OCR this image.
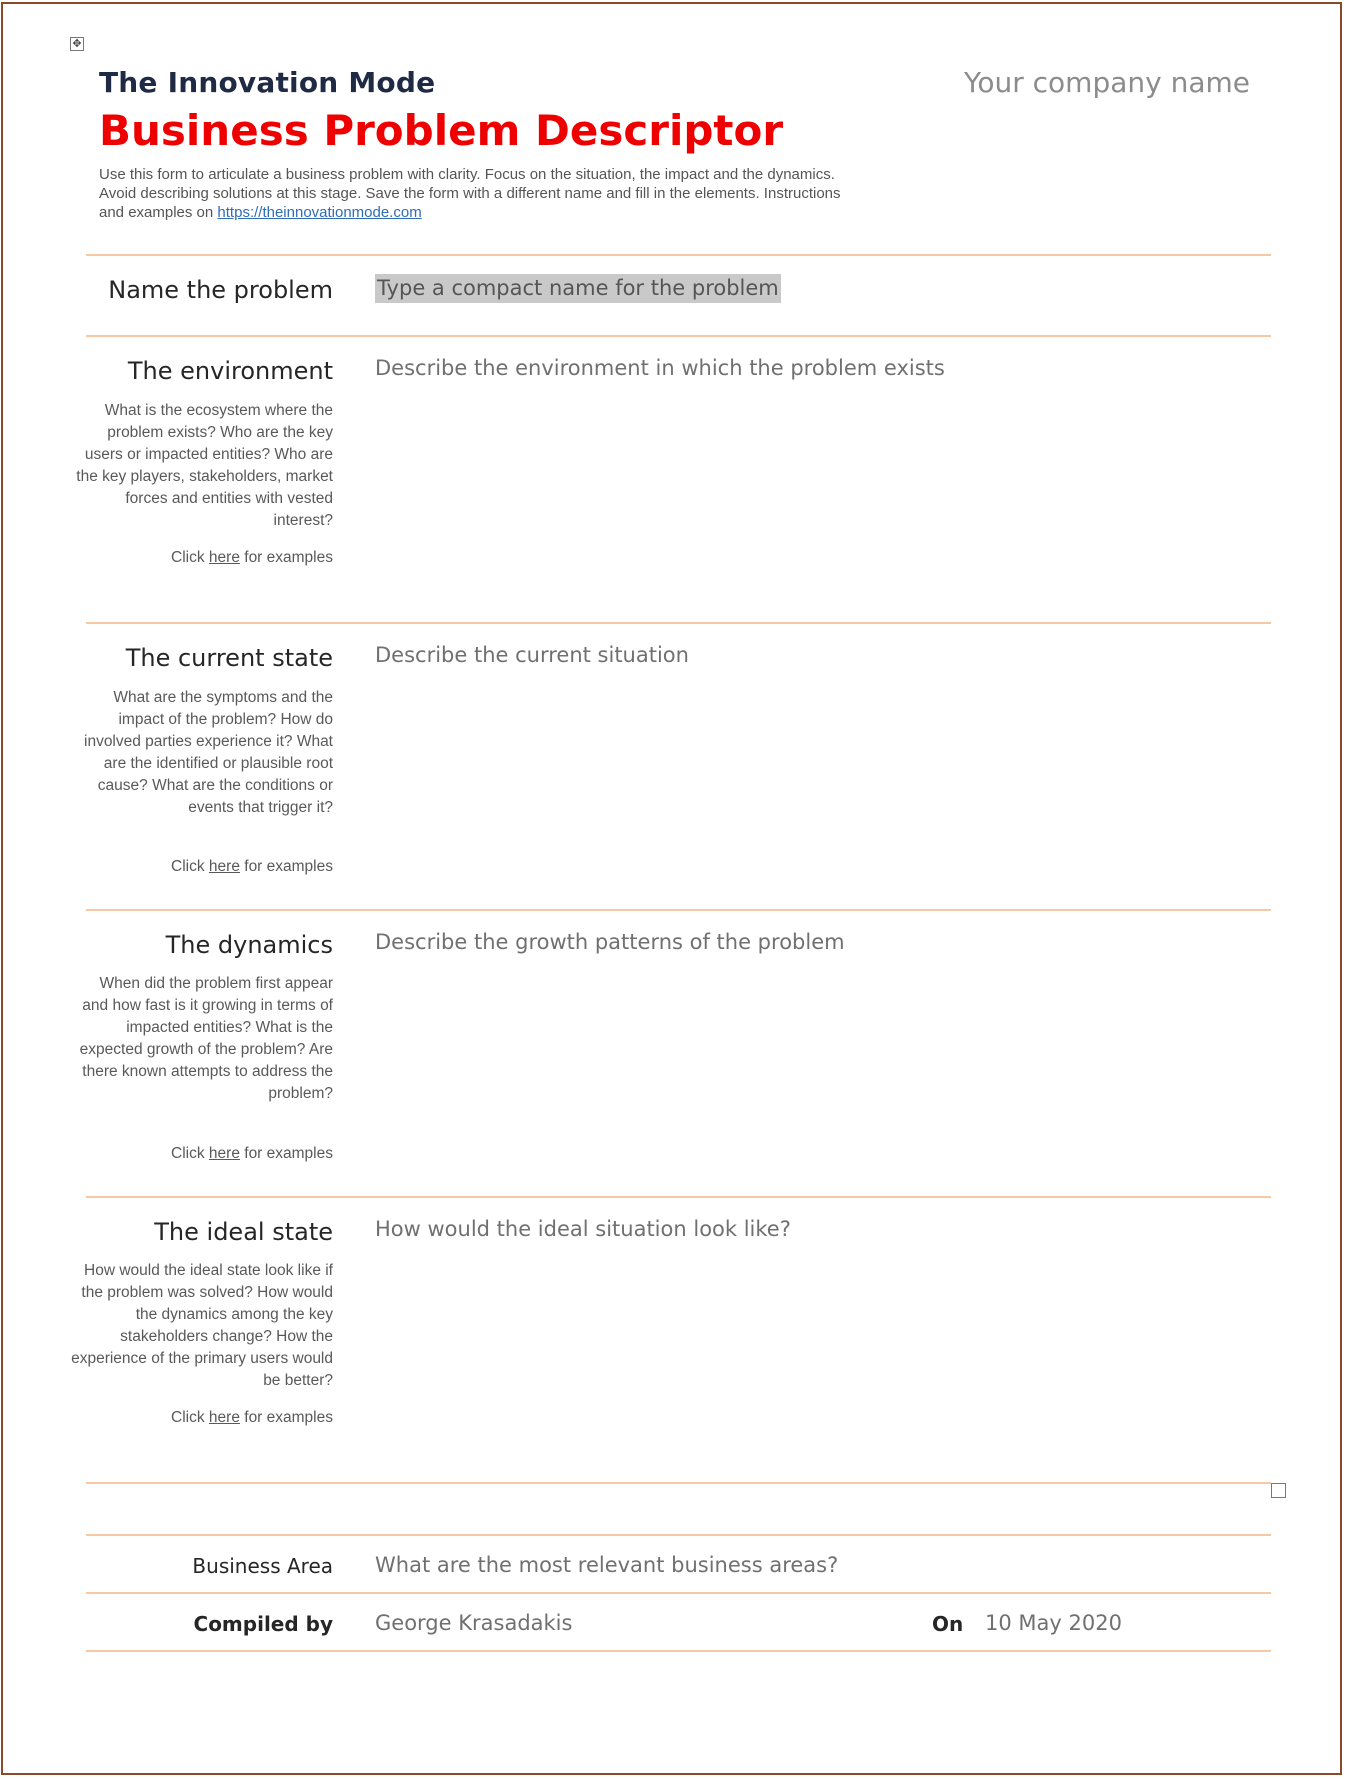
✥
The Innovation Mode	Your company name
Business Problem Descriptor
Use this form to articulate a business problem with clarity. Focus on the situation, the impact and the dynamics. Avoid describing solutions at this stage. Save the form with a different name and fill in the elements. Instructions and examples on https://theinnovationmode.com
Name the problem Type a compact name for the problem
The environment
What is the ecosystem where the problem exists? Who are the key users or impacted entities? Who are the key players, stakeholders, market forces and entities with vested interest?
Click here for examples
Describe the environment in which the problem exists
The current state
What are the symptoms and the impact of the problem? How do involved parties experience it? What are the identified or plausible root cause? What are the conditions or events that trigger it?
Click here for examples
Describe the current situation
The dynamics
When did the problem first appear and how fast is it growing in terms of impacted entities? What is the expected growth of the problem? Are there known attempts to address the problem?
Click here for examples
Describe the growth patterns of the problem
The ideal state
How would the ideal state look like if the problem was solved? How would the dynamics among the key stakeholders change? How the experience of the primary users would be better?
Click here for examples
How would the ideal situation look like?
Business Area What are the most relevant business areas?
Compiled by George Krasadakis	On 10 May 2020
